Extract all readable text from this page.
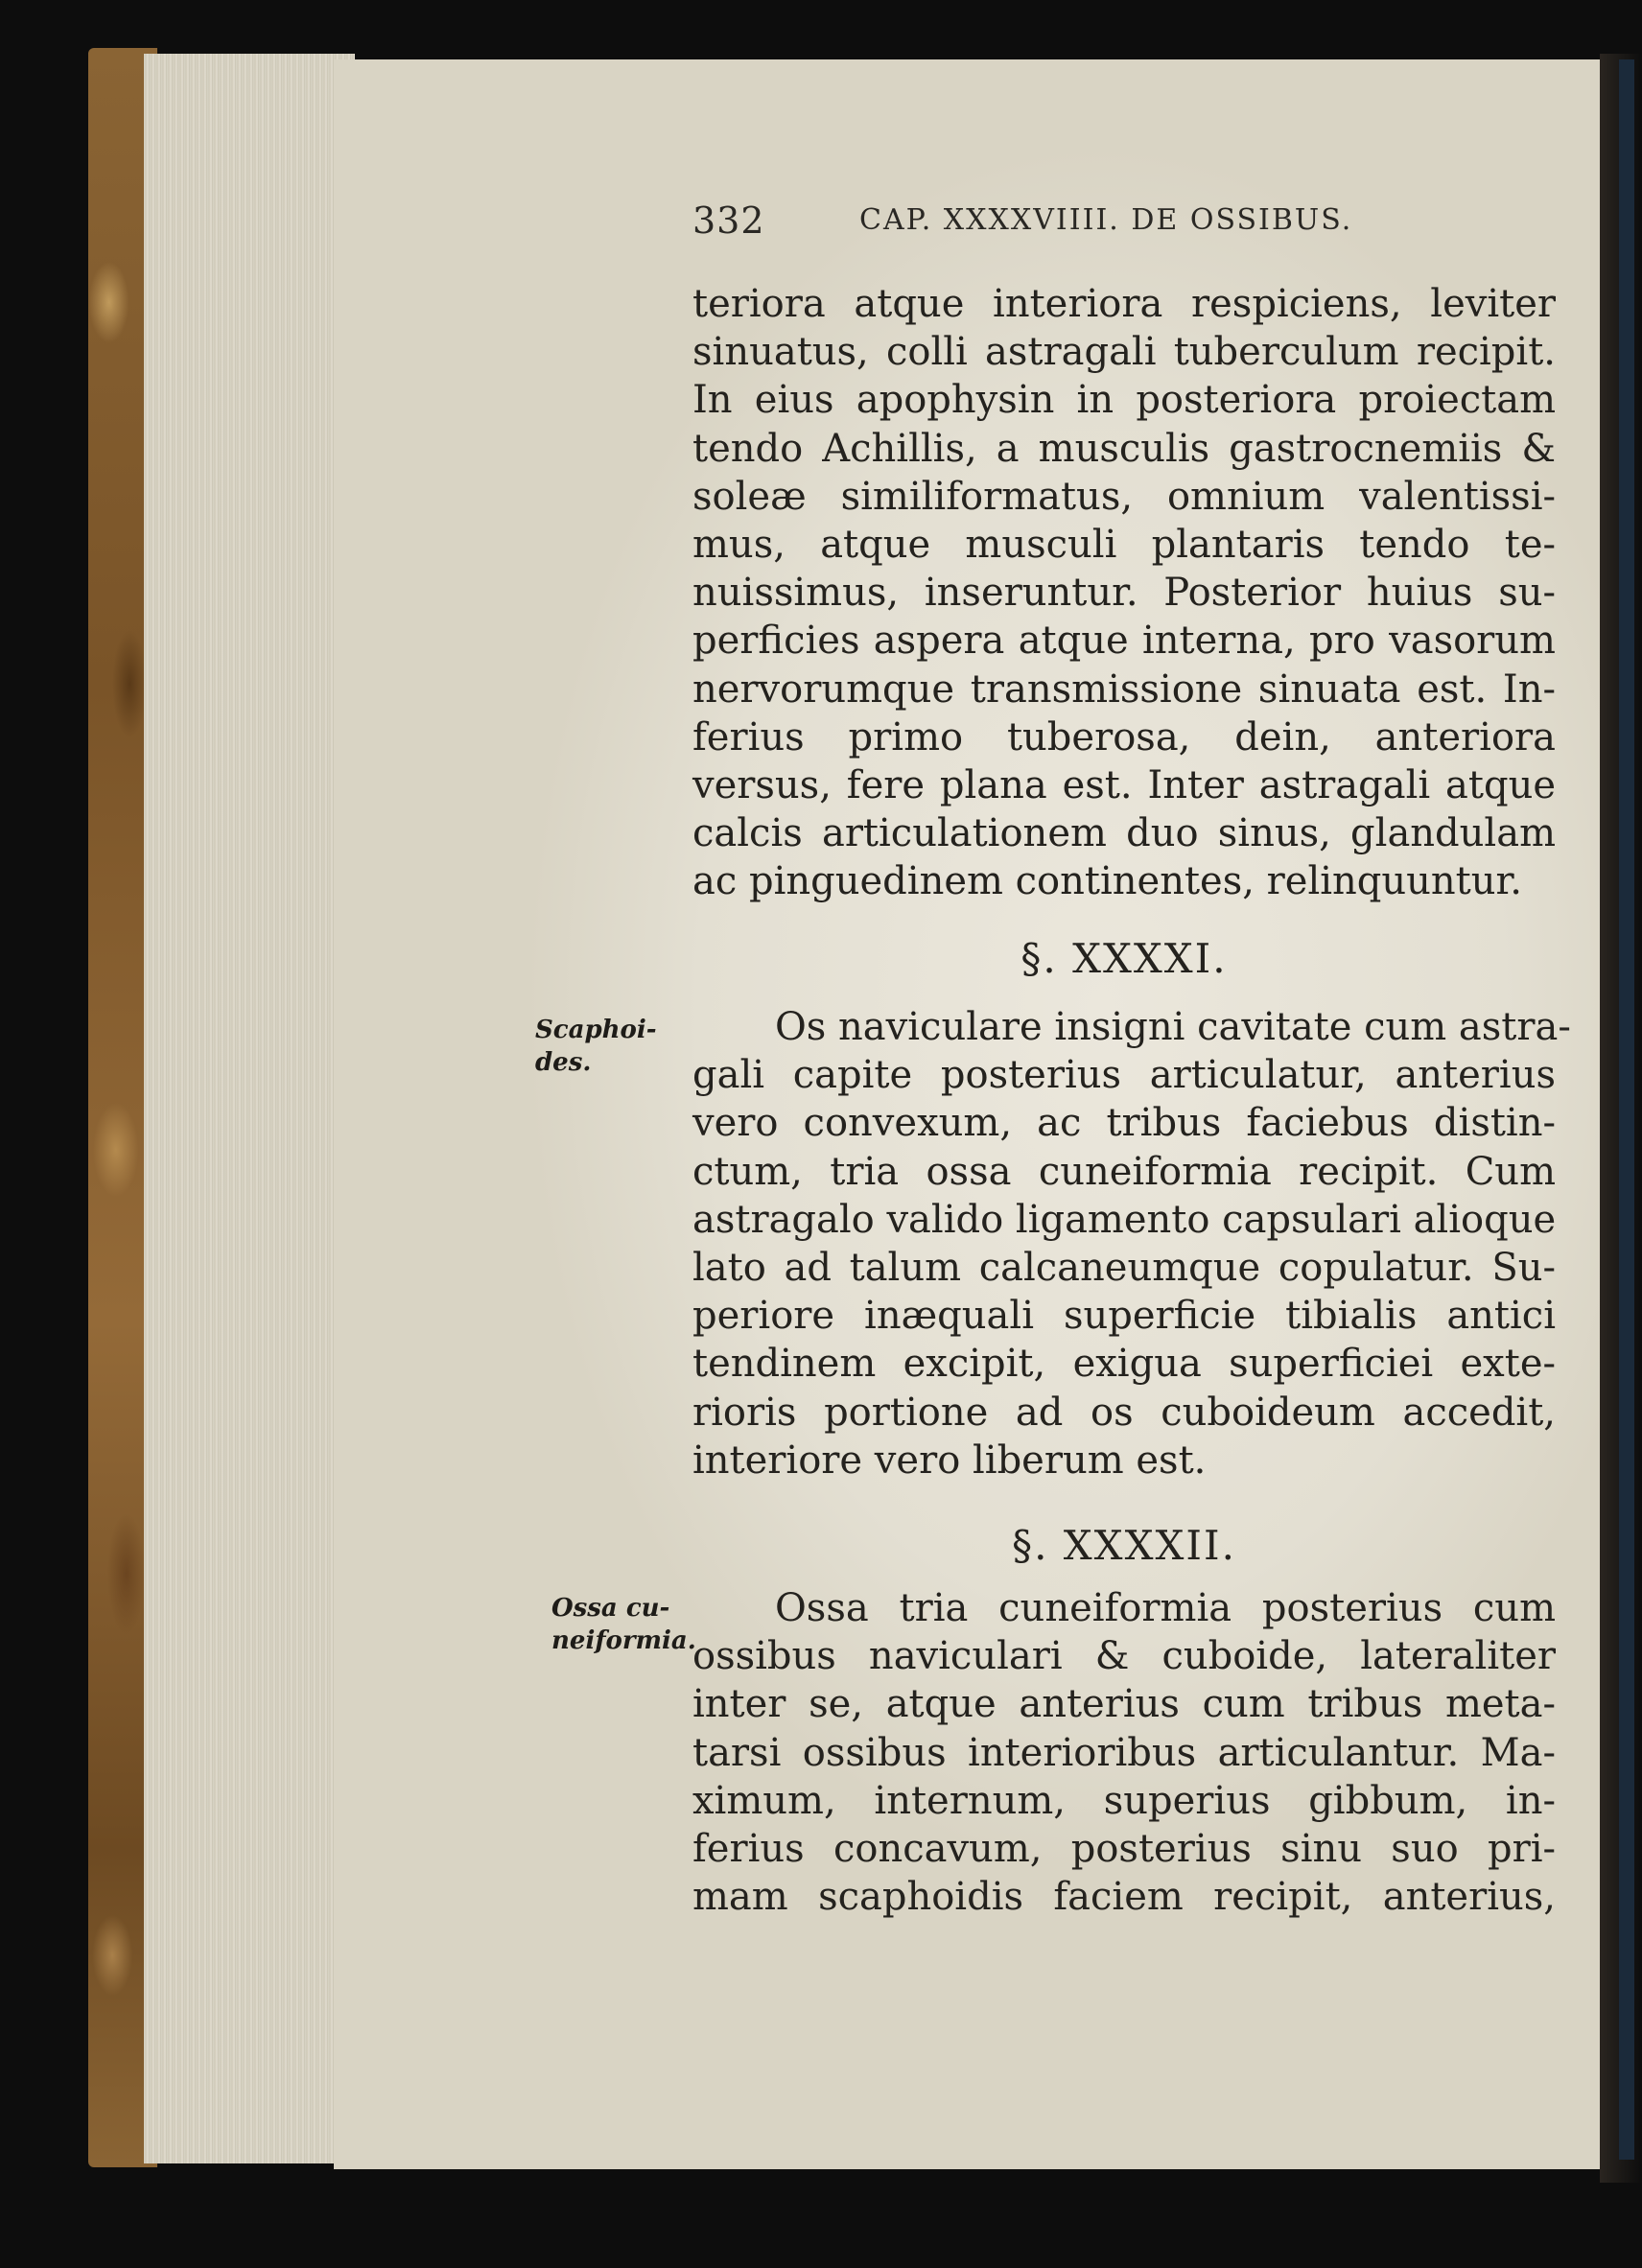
332	CAP. XXXXVIIII. DE OSSIBUS.
teriora atque interiora respiciens, leviter
sinuatus, colli astragali tuberculum recipit.
In eius apophysin in posteriora proiectam
tendo Achillis, a musculis gastrocnemiis &
soleæ similiformatus, omnium valentissi-
mus, atque musculi plantaris tendo te-
nuissimus, inseruntur. Posterior huius su-
perficies aspera atque interna, pro vasorum
nervorumque transmissione sinuata est. In-
ferius primo tuberosa, dein, anteriora
versus, fere plana est. Inter astragali atque
calcis articulationem duo sinus, glandulam
ac pinguedinem continentes, relinquuntur.
§. XXXXI.
Scaphoi-
des.
Os naviculare insigni cavitate cum astra-
gali capite posterius articulatur, anterius
vero convexum, ac tribus faciebus distin-
ctum, tria ossa cuneiformia recipit. Cum
astragalo valido ligamento capsulari alioque
lato ad talum calcaneumque copulatur. Su-
periore inæquali superficie tibialis antici
tendinem excipit, exigua superficiei exte-
rioris portione ad os cuboideum accedit,
interiore vero liberum est.
§. XXXXII.
Ossa cu-
neiformia.
Ossa tria cuneiformia posterius cum
ossibus naviculari & cuboide, lateraliter
inter se, atque anterius cum tribus meta-
tarsi ossibus interioribus articulantur. Ma-
ximum, internum, superius gibbum, in-
ferius concavum, posterius sinu suo pri-
mam scaphoidis faciem recipit, anterius,
